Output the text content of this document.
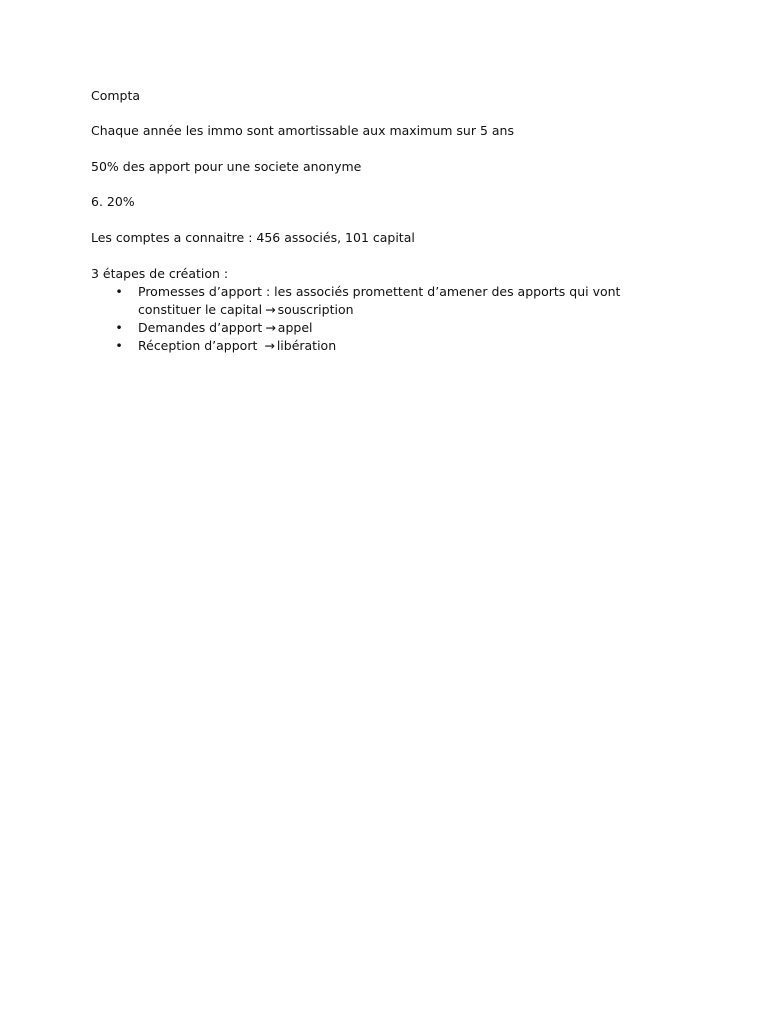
Compta

Chaque année les immo sont amortissable aux maximum sur 5 ans

50% des apport pour une societe anonyme

6. 20%

Les comptes a connaitre : 456 associés, 101 capital

3 étapes de création :

• Promesses d’apport : les associés promettent d’amener des apports qui vont
constituer le capital → souscription
• Demandes d’apport → appel
• Réception d’apport → libération
